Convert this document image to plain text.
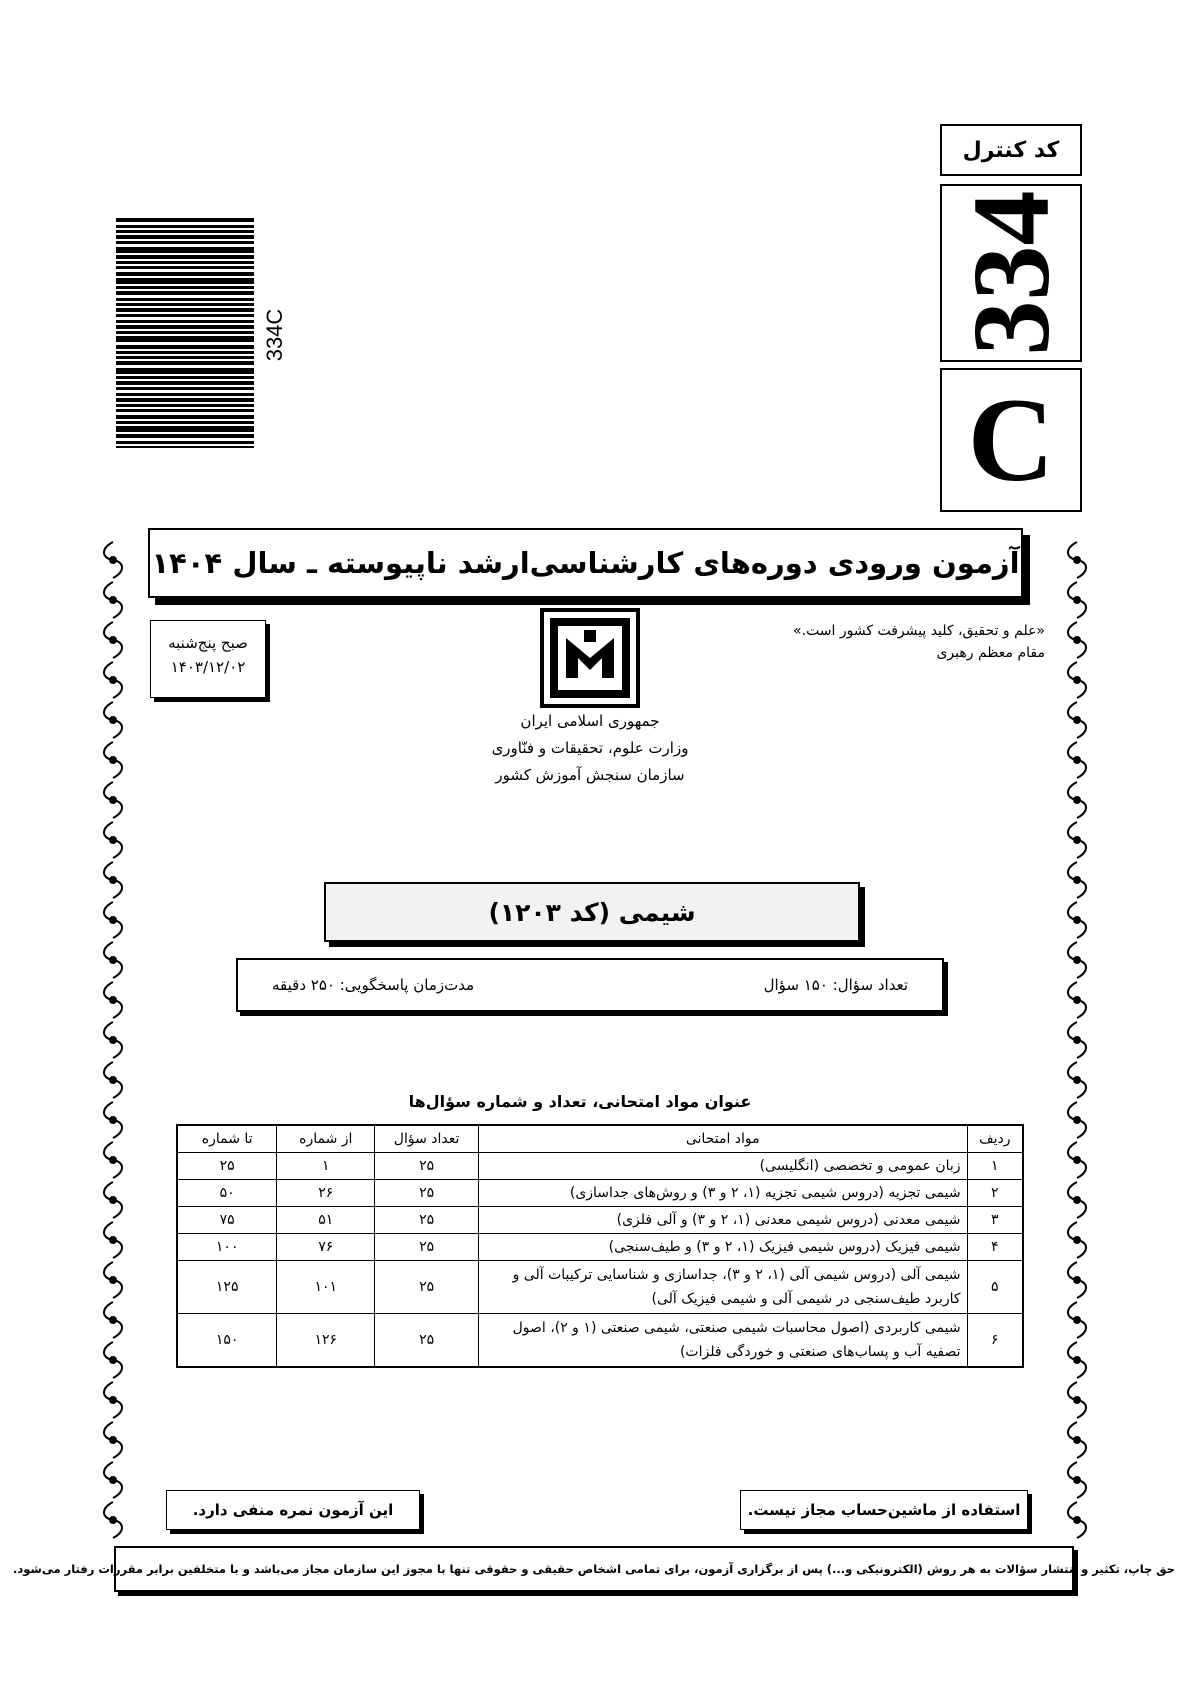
کد کنترل
334
C
334C
آزمون ورودی دوره‌های کارشناسی‌ارشد ناپیوسته ـ سال ۱۴۰۴
صبح پنج‌شنبه
۱۴۰۳/۱۲/۰۲
«علم و تحقیق، کلید پیشرفت کشور است.»
مقام معظم رهبری
جمهوری اسلامی ایران
وزارت علوم، تحقیقات و فنّاوری
سازمان سنجش آموزش کشور
شیمی (کد ۱۲۰۳)
تعداد سؤال: ۱۵۰ سؤال
مدت‌زمان پاسخگویی: ۲۵۰ دقیقه
عنوان مواد امتحانی، تعداد و شماره سؤال‌ها
ردیف	مواد امتحانی	تعداد سؤال	از شماره	تا شماره
۱	زبان عمومی و تخصصی (انگلیسی)	۲۵	۱	۲۵
۲	شیمی تجزیه (دروس شیمی تجزیه (۱، ۲ و ۳) و روش‌های جداسازی)	۲۵	۲۶	۵۰
۳	شیمی معدنی (دروس شیمی معدنی (۱، ۲ و ۳) و آلی فلزی)	۲۵	۵۱	۷۵
۴	شیمی فیزیک (دروس شیمی فیزیک (۱، ۲ و ۳) و طیف‌سنجی)	۲۵	۷۶	۱۰۰
۵	شیمی آلی (دروس شیمی آلی (۱، ۲ و ۳)، جداسازی و شناسایی ترکیبات آلی و کاربرد طیف‌سنجی در شیمی آلی و شیمی فیزیک آلی)	۲۵	۱۰۱	۱۲۵
۶	شیمی کاربردی (اصول محاسبات شیمی صنعتی، شیمی صنعتی (۱ و ۲)، اصول تصفیه آب و پساب‌های صنعتی و خوردگی فلزات)	۲۵	۱۲۶	۱۵۰
این آزمون نمره منفی دارد.	استفاده از ماشین‌حساب مجاز نیست.
حق چاپ، تکثیر و انتشار سؤالات به هر روش (الکترونیکی و...) پس از برگزاری آزمون، برای تمامی اشخاص حقیقی و حقوقی تنها با مجوز این سازمان مجاز می‌باشد و با متخلفین برابر مقررات رفتار می‌شود.
